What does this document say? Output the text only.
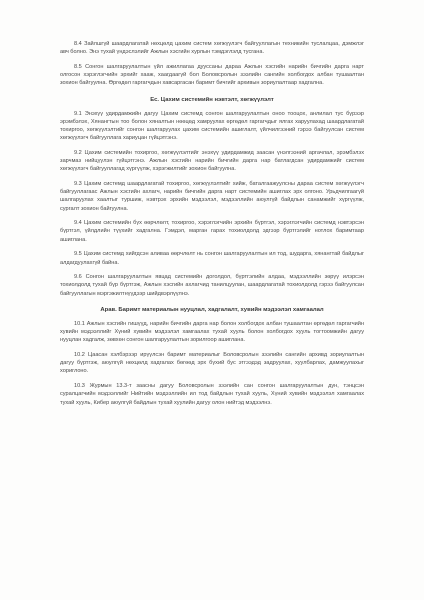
8.4 Зайлшгүй шаардлагатай нөхцөлд цахим систем хөгжүүлэгч байгууллагын техникийн туслалцаа, дэмжлэг авч болно. Энэ тухай үндэслэлийг Ажлын хэсгийн хурлын тэмдэглэлд тусгана.

8.5 Сонгон шалгаруулалтын үйл ажиллагаа дууссаны дараа Ажлын хэсгийн нарийн бичгийн дарга нарт олгосон хэрэглэгчийн эрхийг хааж, хаагдаагүй бол Боловсролын зээлийн сангийн холбогдох албан тушаалтан зохион байгуулна. Өргөдөл гаргагчдын хавсаргасан баримт бичгийг архивын зориулалтаар хадгална.

Ес. Цахим системийн нэвтэлт, хөгжүүлэлт

9.1 Энэхүү удирдамжийн дагуу Цахим системд сонгон шалгаруулалтын оноо тооцох, анлилал тус бүрээр эрэмбэлэх, Хянангтын тоо болон хяналтын нөөцөд хамруулах өргөдөл гаргагчдыг ялгах харуулахад шаардлагатай тохиргоо, хөгжүүлэлтийг сонгон шалгаруулах цахим системийн ашиглалт, үйлчилгээний гэрээ байгуулсан систем хөгжүүлэгч байгууллага хариуцан гүйцэтгэнэ.

9.2 Цахим системийн тохиргоо, хөгжүүлэлтийг энэхүү удирдамжид заасан үнэлгээний аргачлал, эрэмбэлэх зарчмаз нийцүүлэн гүйцэтгэнэ. Ажлын хэсгийн нарийн бичгийн дарга нар батлагдсан удирдамжийг систем хөгжүүлэгч байгууллагад хүргүүлж, хэрэгжилтийг зохион байгуулна.

9.3 Цахим системд шаардлагатай тохиргоо, хөгжүүлэлтийг хийж, баталгаажуулсны дараа систем хөгжүүлэгч байгууллагаас Ажлын хэсгийн ахлагч, нарийн бичгийн дарга нарт системийн ашиглах эрх олгоно. Урьдчилгаагүй шалгаруулах хаалтыг туршиж, нэвтрэх эрхийн мэдээлэл, мэдээллийн аюулгүй байдлын санамжийг хүргүүлж, сургалт зохион байгуулна.

9.4 Цахим системийн бүх өөрчлөлт, тохиргоо, хэрэглэгчийн эрхийн бүртгэл, хэрэглэгчийн системд нэвтэрсэн бүртгэл, үйлдлийн түүхийг хадгална. Гэмдэл, марган гарах тохиолдолд эдгээр бүртгэлийг нотлох баримтаар ашиглана.

9.5 Цахим системд хийгдсэн аливаа өөрчлөлт нь сонгон шалгаруулалтын ил тод, шударга, хянангтай байдлыг алдагдуулахгүй байна.

9.6 Сонгон шалгаруулалтын явцад системийн доголдол, бүртгэлийн алдаа, мэдээллийн зөрүү илэрсэн тохиолдолд тухай бүр бүртгэж, Ажлын хэсгийн ахлагчид танилцуулан, шаардлагатай тохиолдолд гэрээ байгуулсан байгууллагын мэргэжилтнүүдээр шийдвэрлүүлнэ.

Арав. Баримт материалын нууцлал, хадгалалт, хувийн мэдээлэл хамгаалал

10.1 Ажлын хэсгийн гишүүд, нарийн бичгийн дарга нар болон холбогдох албан тушаалтан өргөдөл гаргагчийн хувийн мэдээллийг Хүний хувийн мэдээлэл хамгаалах тухай хууль болон холбогдох хууль тогтоомжийн дагуу нууцлан хадгалж, зөвхөн сонгон шалгаруулалтын зорилгоор ашиглана.

10.2 Цаасан хэлбэрээр ирүүлсэн баримт материалыг Боловсролын зээлийн сангийн архивд зориулалтын дагуу бүртгэж, аюулгүй нөхцөлд хадгалах бөгөөд эрх бүхий бус этгээдэд задруулах, хуулбарлах, дамжуулахыг хориглоно.

10.3 Журмын 13.3-т заасны дагуу Боловсролын зээлийн сан сонгон шалгаруулалтын дүн, тэнцсэн суралцагчийн мэдээллийг Нийтийн мэдээллийн ил тод байдлын тухай хууль, Хүний хувийн мэдээлэл хамгаалах тухай хууль, Кибер аюулгүй байдлын тухай хуулийн дагуу олон нийтэд мэдээлнэ.
